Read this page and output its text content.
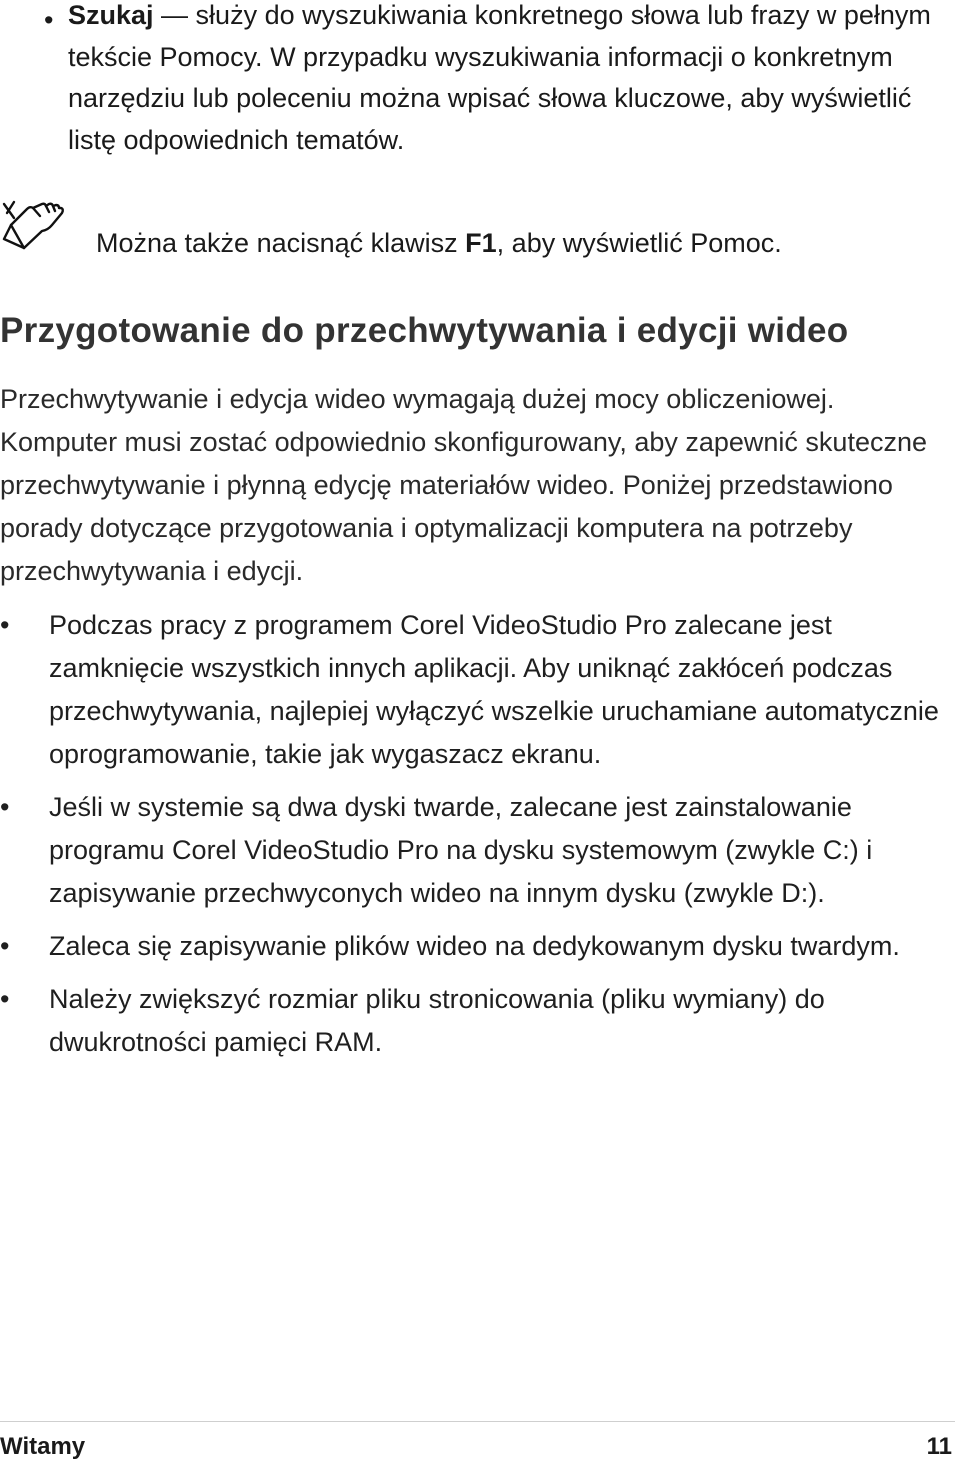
• Szukaj — służy do wyszukiwania konkretnego słowa lub frazy w pełnym tekście Pomocy. W przypadku wyszukiwania informacji o konkretnym narzędziu lub poleceniu można wpisać słowa kluczowe, aby wyświetlić listę odpowiednich tematów.
Można także nacisnąć klawisz F1, aby wyświetlić Pomoc.
Przygotowanie do przechwytywania i edycji wideo

Przechwytywanie i edycja wideo wymagają dużej mocy obliczeniowej. Komputer musi zostać odpowiednio skonfigurowany, aby zapewnić skuteczne przechwytywanie i płynną edycję materiałów wideo. Poniżej przedstawiono porady dotyczące przygotowania i optymalizacji komputera na potrzeby przechwytywania i edycji.

•	Podczas pracy z programem Corel VideoStudio Pro zalecane jest zamknięcie wszystkich innych aplikacji. Aby uniknąć zakłóceń podczas przechwytywania, najlepiej wyłączyć wszelkie uruchamiane automatycznie oprogramowanie, takie jak wygaszacz ekranu.
•	Jeśli w systemie są dwa dyski twarde, zalecane jest zainstalowanie programu Corel VideoStudio Pro na dysku systemowym (zwykle C:) i zapisywanie przechwyconych wideo na innym dysku (zwykle D:).
•	Zaleca się zapisywanie plików wideo na dedykowanym dysku twardym.
•	Należy zwiększyć rozmiar pliku stronicowania (pliku wymiany) do dwukrotności pamięci RAM.
Witamy	11
